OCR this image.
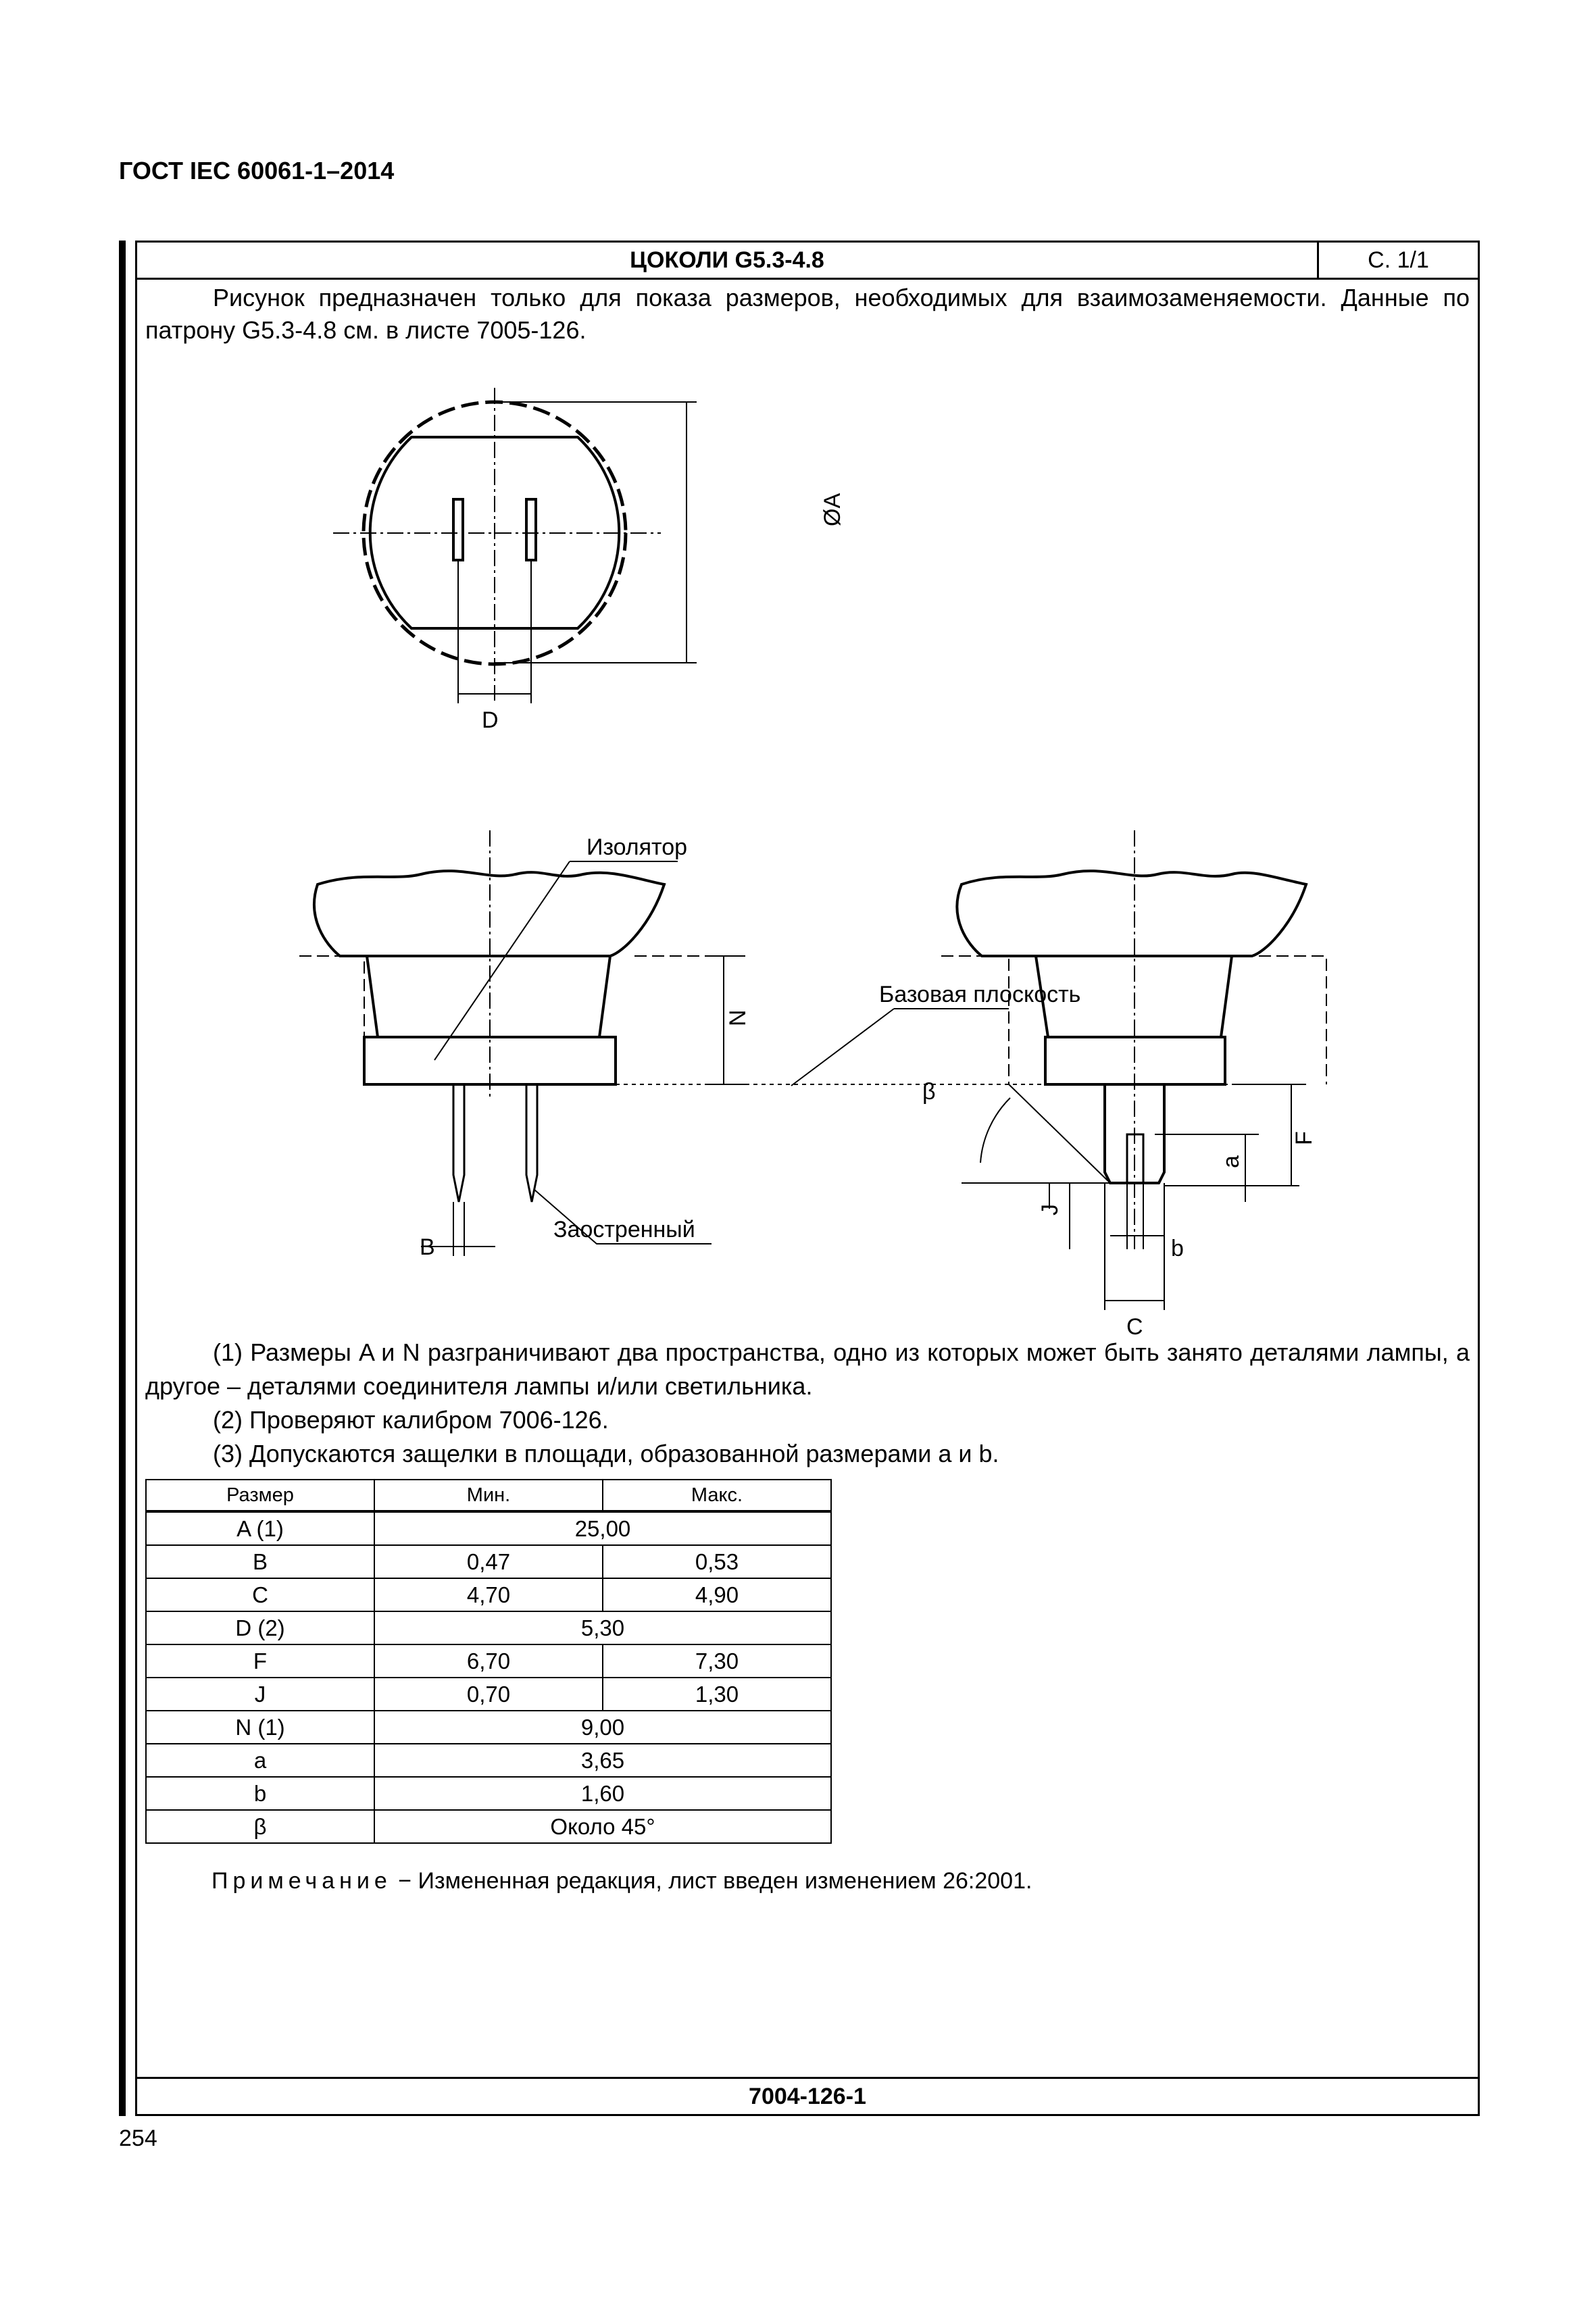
ГОСТ IEC 60061-1–2014
ЦОКОЛИ G5.3-4.8	С. 1/1
Рисунок предназначен только для показа размеров, необходимых для взаимозаменяемости. Данные по патрону G5.3-4.8 см. в листе 7005-126.
ØA
D
Изолятор
Базовая плоскость
N
B
Заостренный
β
F
a
J
b
C

(1) Размеры A и N разграничивают два пространства, одно из которых может быть занято деталями лампы, а другое – деталями соединителя лампы и/или светильника.

(2) Проверяют калибром 7006-126.

(3) Допускаются защелки в площади, образованной размерами a и b.

Размер	Мин.	Макс.
A (1)	25,00	
B	0,47	0,53
C	4,70	4,90
D (2)	5,30	
F	6,70	7,30
J	0,70	1,30
N (1)	9,00	
a	3,65	
b	1,60	
β	Около 45°	
Примечание − Измененная редакция, лист введен изменением 26:2001.
7004-126-1
254
